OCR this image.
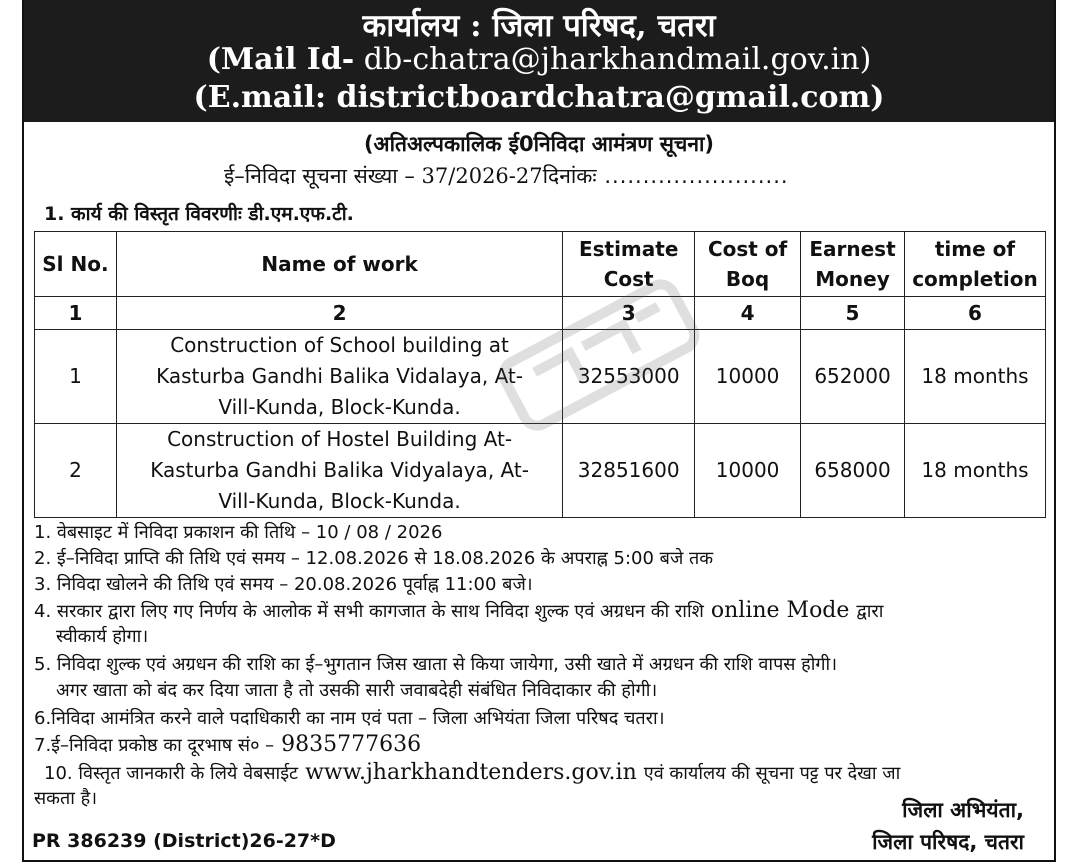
कार्यालय : जिला परिषद, चतरा
(Mail Id- db-chatra@jharkhandmail.gov.in)
(E.mail: districtboardchatra@gmail.com)
(अतिअल्पकालिक ई0निविदा आमंत्रण सूचना)
ई–निविदा सूचना संख्या – 37/2026-27दिनांकः ........................
1. कार्य की विस्तृत विवरणीः डी.एम.एफ.टी.
Sl No.	Name of work	Estimate Cost	Cost of Boq	Earnest Money	time of completion
1	2	3	4	5	6
1	Construction of School building at Kasturba Gandhi Balika Vidalaya, At-Vill-Kunda, Block-Kunda.	32553000	10000	652000	18 months
2	Construction of Hostel Building At-Kasturba Gandhi Balika Vidyalaya, At-Vill-Kunda, Block-Kunda.	32851600	10000	658000	18 months
1. वेबसाइट में निविदा प्रकाशन की तिथि – 10 / 08 / 2026
2. ई–निविदा प्राप्ति की तिथि एवं समय – 12.08.2026 से 18.08.2026 के अपराह्न 5:00 बजे तक
3. निविदा खोलने की तिथि एवं समय – 20.08.2026 पूर्वाह्न 11:00 बजे।
4. सरकार द्वारा लिए गए निर्णय के आलोक में सभी कागजात के साथ निविदा शुल्क एवं अग्रधन की राशि online Mode द्वारा
स्वीकार्य होगा।
5. निविदा शुल्क एवं अग्रधन की राशि का ई–भुगतान जिस खाता से किया जायेगा, उसी खाते में अग्रधन की राशि वापस होगी।
अगर खाता को बंद कर दिया जाता है तो उसकी सारी जवाबदेही संबंधित निविदाकार की होगी।
6.निविदा आमंत्रित करने वाले पदाधिकारी का नाम एवं पता – जिला अभियंता जिला परिषद चतरा।
7.ई–निविदा प्रकोष्ठ का दूरभाष सं० – 9835777636
10. विस्तृत जानकारी के लिये वेबसाईट www.jharkhandtenders.gov.in एवं कार्यालय की सूचना पट्ट पर देखा जा
सकता है।	जिला अभियंता,
जिला परिषद, चतरा
PR 386239 (District)26-27*D
